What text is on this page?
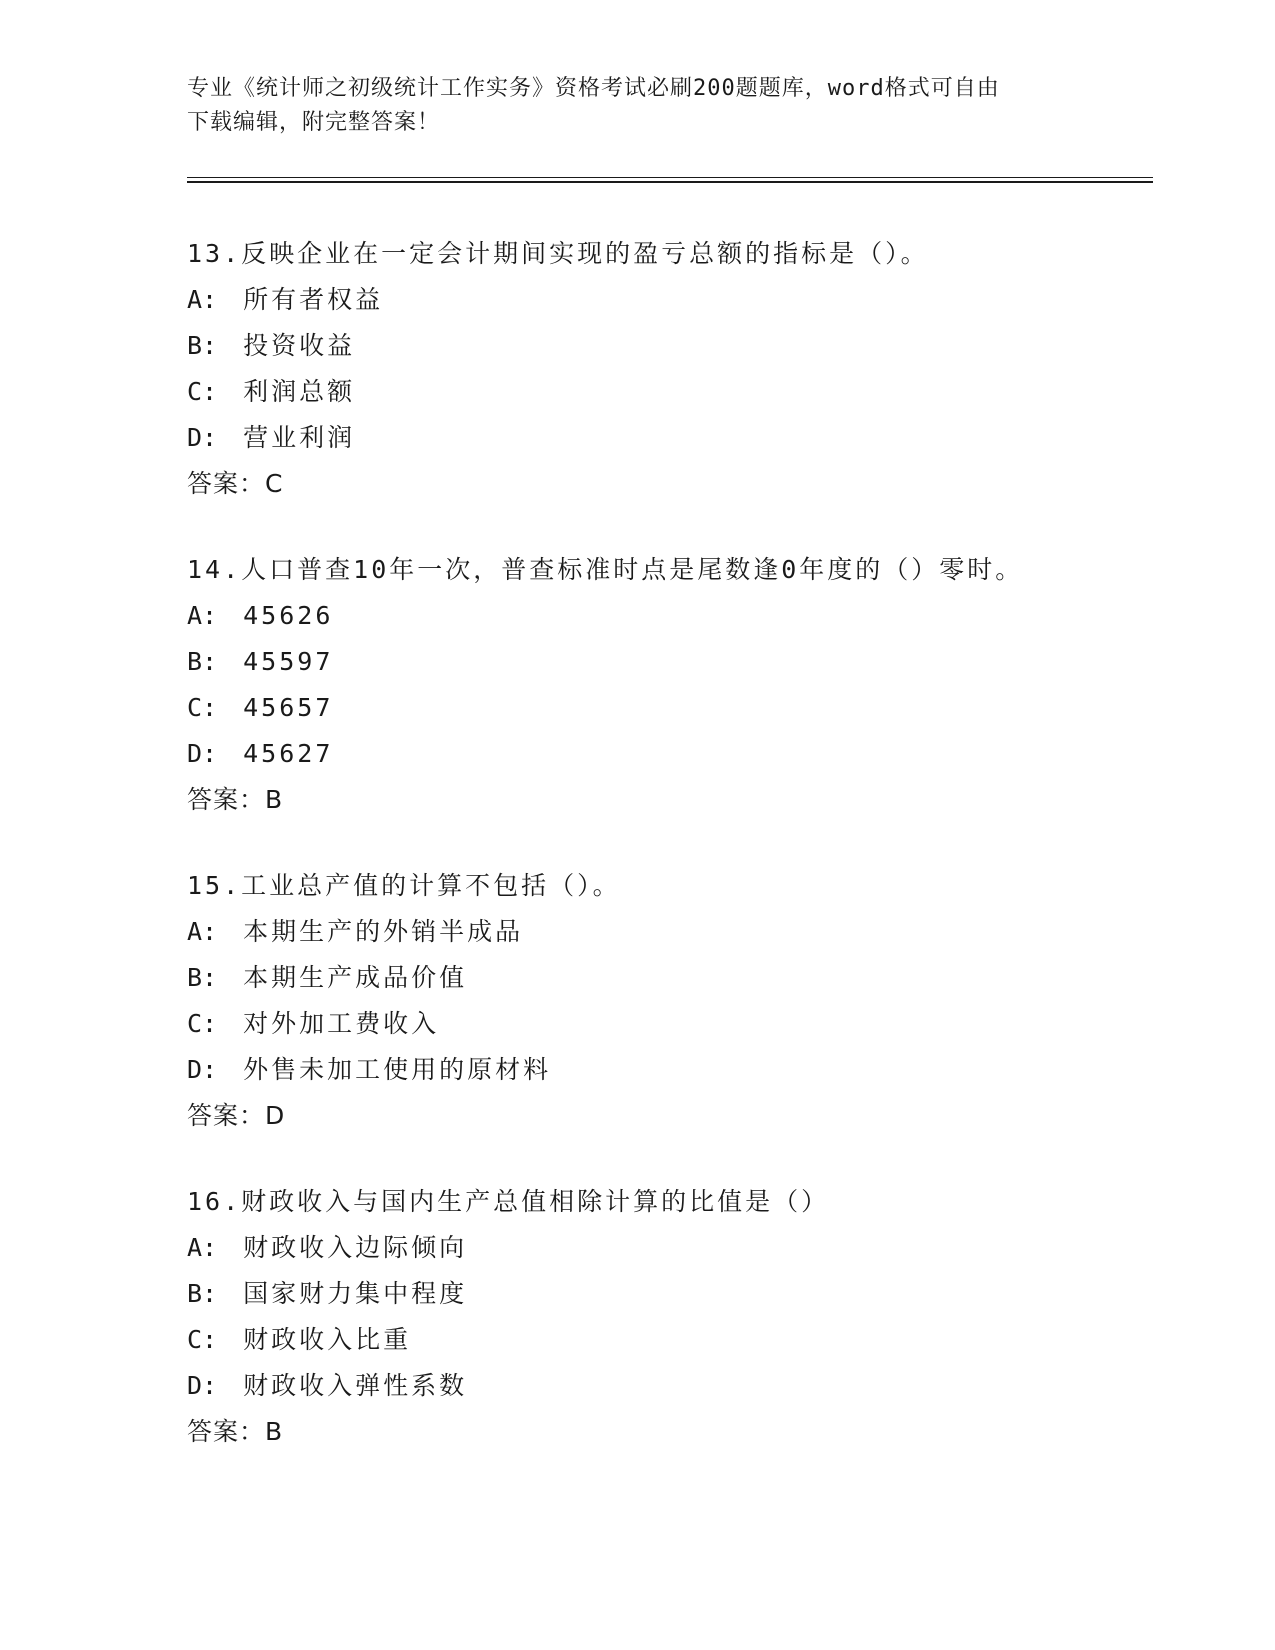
专业《统计师之初级统计工作实务》资格考试必刷200题题库，word格式可自由
下载编辑，附完整答案！
13.反映企业在一定会计期间实现的盈亏总额的指标是（）。
A: 所有者权益
B: 投资收益
C: 利润总额
D: 营业利润
答案：C
14.人口普查10年一次，普查标准时点是尾数逢0年度的（）零时。
A: 45626
B: 45597
C: 45657
D: 45627
答案：B
15.工业总产值的计算不包括（）。
A: 本期生产的外销半成品
B: 本期生产成品价值
C: 对外加工费收入
D: 外售未加工使用的原材料
答案：D
16.财政收入与国内生产总值相除计算的比值是（）
A: 财政收入边际倾向
B: 国家财力集中程度
C: 财政收入比重
D: 财政收入弹性系数
答案：B
